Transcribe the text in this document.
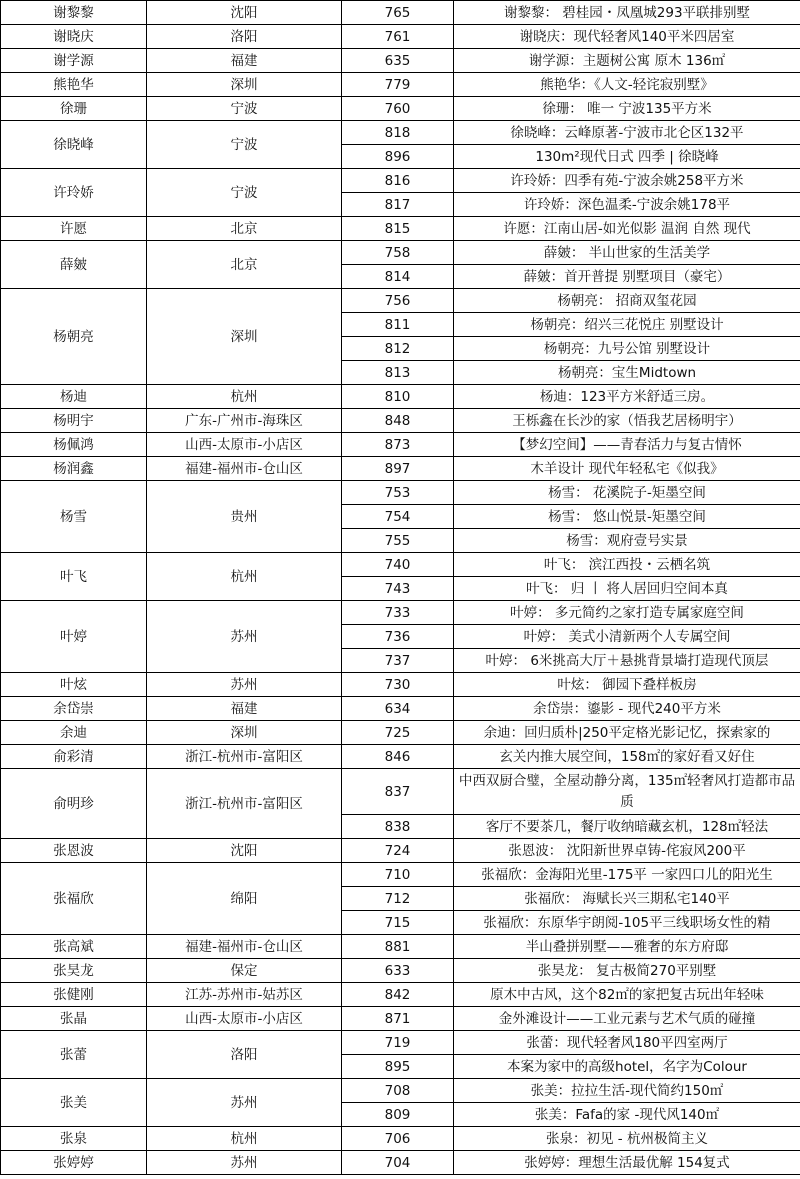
谢黎黎	沈阳	765	谢黎黎： 碧桂园・凤凰城293平联排别墅
谢晓庆	洛阳	761	谢晓庆：现代轻奢风140平米四居室
谢学源	福建	635	谢学源：主题树公寓 原木 136㎡
熊艳华	深圳	779	熊艳华：《人文-轻诧寂别墅》
徐珊	宁波	760	徐珊： 唯一 宁波135平方米
徐晓峰	宁波	818	徐晓峰：云峰原著-宁波市北仑区132平
		896	130m²现代日式 四季 | 徐晓峰
许玲娇	宁波	816	许玲娇：四季有苑-宁波余姚258平方米
		817	许玲娇：深色温柔-宁波余姚178平
许愿	北京	815	许愿：江南山居-如光似影 温润 自然 现代
薛皴	北京	758	薛皴： 半山世家的生活美学
		814	薛皴：首开普提 别墅项目（豪宅）
杨朝亮	深圳	756	杨朝亮： 招商双玺花园
		811	杨朝亮：绍兴三花悦庄 别墅设计
		812	杨朝亮：九号公馆 别墅设计
		813	杨朝亮：宝生Midtown
杨迪	杭州	810	杨迪：123平方米舒适三房。
杨明宇	广东-广州市-海珠区	848	王栎鑫在长沙的家（悟我艺居杨明宇）
杨佩鸿	山西-太原市-小店区	873	【梦幻空间】——青春活力与复古情怀
杨润鑫	福建-福州市-仓山区	897	木羊设计 现代年轻私宅《似我》
杨雪	贵州	753	杨雪： 花溪院子-矩墨空间
		754	杨雪： 悠山悦景-矩墨空间
		755	杨雪：观府壹号实景
叶飞	杭州	740	叶飞： 滨江西投・云栖名筑
		743	叶飞： 归 丨 将人居回归空间本真
叶婷	苏州	733	叶婷： 多元简约之家打造专属家庭空间
		736	叶婷： 美式小清新两个人专属空间
		737	叶婷： 6米挑高大厅＋悬挑背景墙打造现代顶层
叶炫	苏州	730	叶炫： 御园下叠样板房
余岱崇	福建	634	余岱崇：鎏影 - 现代240平方米
余迪	深圳	725	余迪：回归质朴|250平定格光影记忆，探索家的
俞彩清	浙江-杭州市-富阳区	846	玄关内推大展空间，158㎡的家好看又好住
俞明珍	浙江-杭州市-富阳区	837	中西双厨合璧，全屋动静分离，135㎡轻奢风打造都市品质
		838	客厅不要茶几，餐厅收纳暗藏玄机，128㎡轻法
张恩波	沈阳	724	张恩波： 沈阳新世界卓铸-侘寂风200平
张福欣	绵阳	710	张福欣：金海阳光里-175平 一家四口儿的阳光生
		712	张福欣： 海赋长兴三期私宅140平
		715	张福欣：东原华宇朗阅-105平三线职场女性的精
张高斌	福建-福州市-仓山区	881	半山叠拼别墅——雅奢的东方府邸
张昊龙	保定	633	张昊龙： 复古极简270平别墅
张健刚	江苏-苏州市-姑苏区	842	原木中古风，这个82㎡的家把复古玩出年轻味
张晶	山西-太原市-小店区	871	金外滩设计——工业元素与艺术气质的碰撞
张蕾	洛阳	719	张蕾：现代轻奢风180平四室两厅
		895	本案为家中的高级hotel，名字为Colour
张美	苏州	708	张美：拉拉生活-现代简约150㎡
		809	张美：Fafa的家 -现代风140㎡
张泉	杭州	706	张泉：初见 - 杭州极简主义
张婷婷	苏州	704	张婷婷：理想生活最优解 154复式
